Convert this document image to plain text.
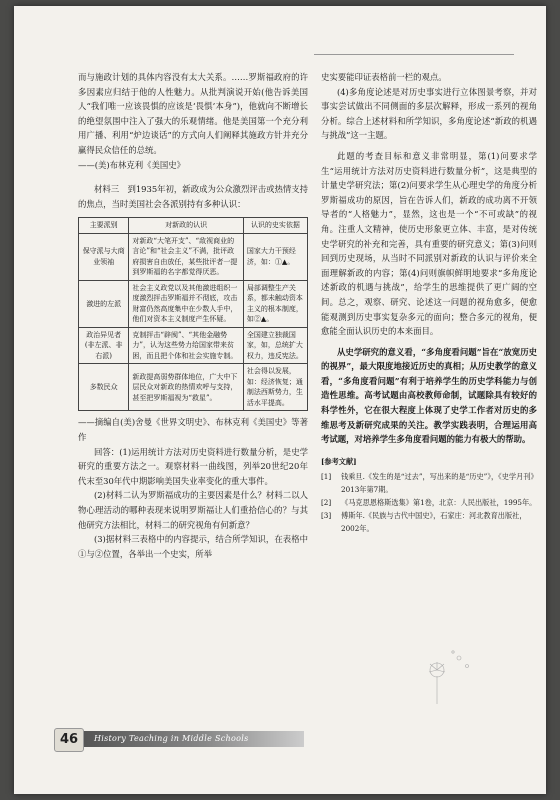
而与施政计划的具体内容没有太大关系。……罗斯福政府的许多因素应归结于他的人性魅力。从批判演说开始(他告诉美国人“我们唯一应该畏惧的应该是‘畏惧’本身”)，他就向不断增长的绝望氛围中注入了强大的乐观情绪。他是美国第一个充分利用广播、利用“炉边谈话”的方式向人们阐释其施政方针并充分赢得民众信任的总统。

——(美)布林克利《美国史》

材料三　到1935年初，新政成为公众激烈评击或热情支持的焦点，当时美国社会各派别持有多种认识：

主要派别	对新政的认识	认识的史实依据
保守派与大商业领袖	对新政“大笔开支”、“敌视商业的言论”和“社会主义”不满，批评政府损害自由放任，某些批评者一提到罗斯福的名字都觉得厌恶。	国家大力干预经济，如：①▲。
激进的左派	社会主义政党以及其他激进组织一度激烈抨击罗斯福并不彻底，攻击财富仍然高度集中在少数人手中，他们对资本主义制度产生怀疑。	局部调整生产关系，都未触动资本主义的根本制度，如②▲。
政治异见者(非左派、非右派)	克制抨击“辟阂”、“其他金融势力”，认为这些势力给国家带来贫困，而且把个体和社会实施专制。	全国建立独裁国家，如，总统扩大权力，违反宪法。
多数民众	新政提高弱势群体地位，广大中下层民众对新政的热情欢呼与支持，甚至把罗斯福视为“救星”。	社会得以发展，如：经济恢复；通制法西斯势力，生活水平提高。

——摘编自(美)舍曼《世界文明史》、布林克利《美国史》等著作

回答：(1)运用统计方法对历史资料进行数量分析，是史学研究的重要方法之一。观察材料一曲线图，列举20世纪20年代末至30年代中期影响美国失业率变化的重大事件。

(2)材料二认为罗斯福成功的主要因素是什么？材料二以人物心理活动的哪种表现来说明罗斯福让人们重拾信心的？与其他研究方法相比，材料二的研究视角有何新意？

(3)据材料三表格中的内容提示，结合所学知识，在表格中①与②位置，各举出一个史实，所举

史实要能印证表格前一栏的观点。

(4)多角度论述是对历史事实进行立体图景考察，并对事实尝试做出不同侧面的多层次解释，形成一系列的视角分析。综合上述材料和所学知识，多角度论述“新政的机遇与挑战”这一主题。

此题的考查目标和意义非常明显，第(1)问要求学生“运用统计方法对历史资料进行数量分析”，这是典型的计量史学研究法；第(2)问要求学生从心理史学的角度分析罗斯福成功的原因，旨在告诉人们，新政的成功离不开领导者的“人格魅力”，显然，这也是一个“不可或缺”的视角。注重人文精神，使历史形象更立体、丰富，是对传统史学研究的补充和完善，具有重要的研究意义；第(3)问则回到历史现场，从当时不同派别对新政的认识与评价来全面理解新政的内容；第(4)问则旗帜鲜明地要求“多角度论述新政的机遇与挑战”，给学生的思维提供了更广阔的空间。总之，观察、研究、论述这一问题的视角愈多，便愈能观测到历史事实复杂多元的面向；整合多元的视角，便愈能全面认识历史的本来面目。

从史学研究的意义看，“多角度看问题”旨在“放宽历史的视界”，最大限度地接近历史的真相；从历史教学的意义看，“多角度看问题”有利于培养学生的历史学科能力与创造性思维。高考试题由高校教师命制，试题除具有较好的科学性外，它在很大程度上体现了史学工作者对历史的多维思考及新研究成果的关注。教学实践表明，合理运用高考试题，对培养学生多角度看问题的能力有极大的帮助。

[参考文献]

[1]	钱乘旦.《发生的是“过去”，写出来的是“历史”》，《史学月刊》2013年第7期。
[2]	《马克思恩格斯选集》第1卷，北京：人民出版社，1995年。
[3]	傅斯年.《民族与古代中国史》，石家庄：河北教育出版社，2002年。
46	History Teaching in Middle Schools
